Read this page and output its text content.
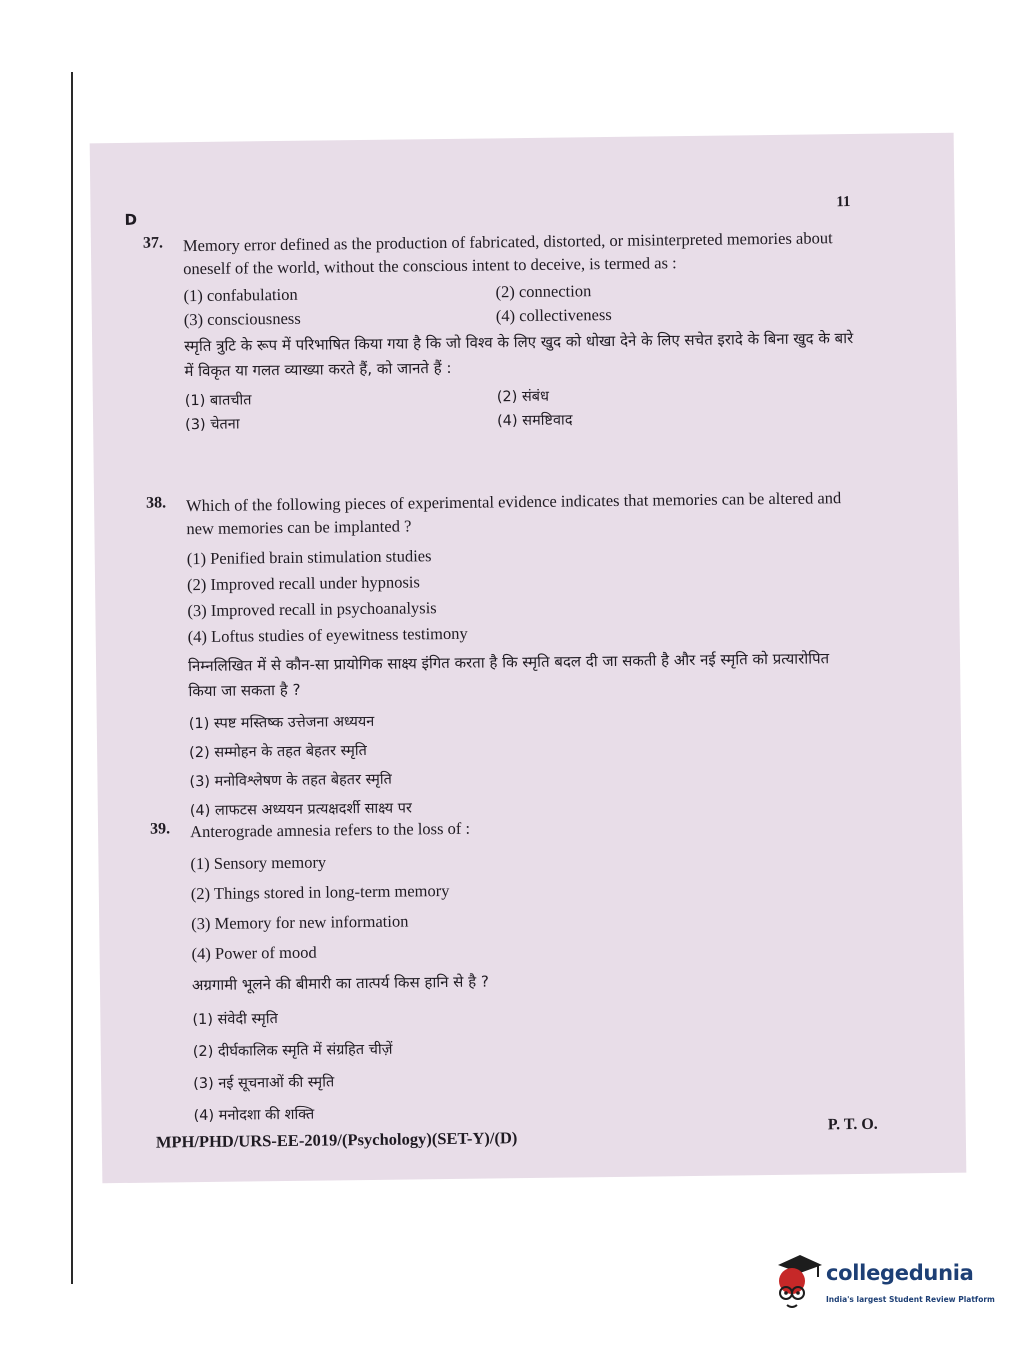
D
11
37. Memory error defined as the production of fabricated, distorted, or misinterpreted memories about oneself of the world, without the conscious intent to deceive, is termed as :

(1) confabulation	(2) connection
(3) consciousness	(4) collectiveness

स्मृति त्रुटि के रूप में परिभाषित किया गया है कि जो विश्व के लिए खुद को धोखा देने के लिए सचेत इरादे के बिना खुद के बारे में विकृत या गलत व्याख्या करते हैं, को जानते हैं :

(1) बातचीत	(2) संबंध
(3) चेतना	(4) समष्टिवाद
38. Which of the following pieces of experimental evidence indicates that memories can be altered and new memories can be implanted ?

(1) Penified brain stimulation studies
(2) Improved recall under hypnosis
(3) Improved recall in psychoanalysis
(4) Loftus studies of eyewitness testimony

निम्नलिखित में से कौन-सा प्रायोगिक साक्ष्य इंगित करता है कि स्मृति बदल दी जा सकती है और नई स्मृति को प्रत्यारोपित किया जा सकता है ?

(1) स्पष्ट मस्तिष्क उत्तेजना अध्ययन
(2) सम्मोहन के तहत बेहतर स्मृति
(3) मनोविश्लेषण के तहत बेहतर स्मृति
(4) लाफटस अध्ययन प्रत्यक्षदर्शी साक्ष्य पर
39. Anterograde amnesia refers to the loss of :

(1) Sensory memory
(2) Things stored in long-term memory
(3) Memory for new information
(4) Power of mood

अग्रगामी भूलने की बीमारी का तात्पर्य किस हानि से है ?

(1) संवेदी स्मृति
(2) दीर्घकालिक स्मृति में संग्रहित चीज़ें
(3) नई सूचनाओं की स्मृति
(4) मनोदशा की शक्ति
MPH/PHD/URS-EE-2019/(Psychology)(SET-Y)/(D)
P. T. O.
collegedunia
India's largest Student Review Platform
